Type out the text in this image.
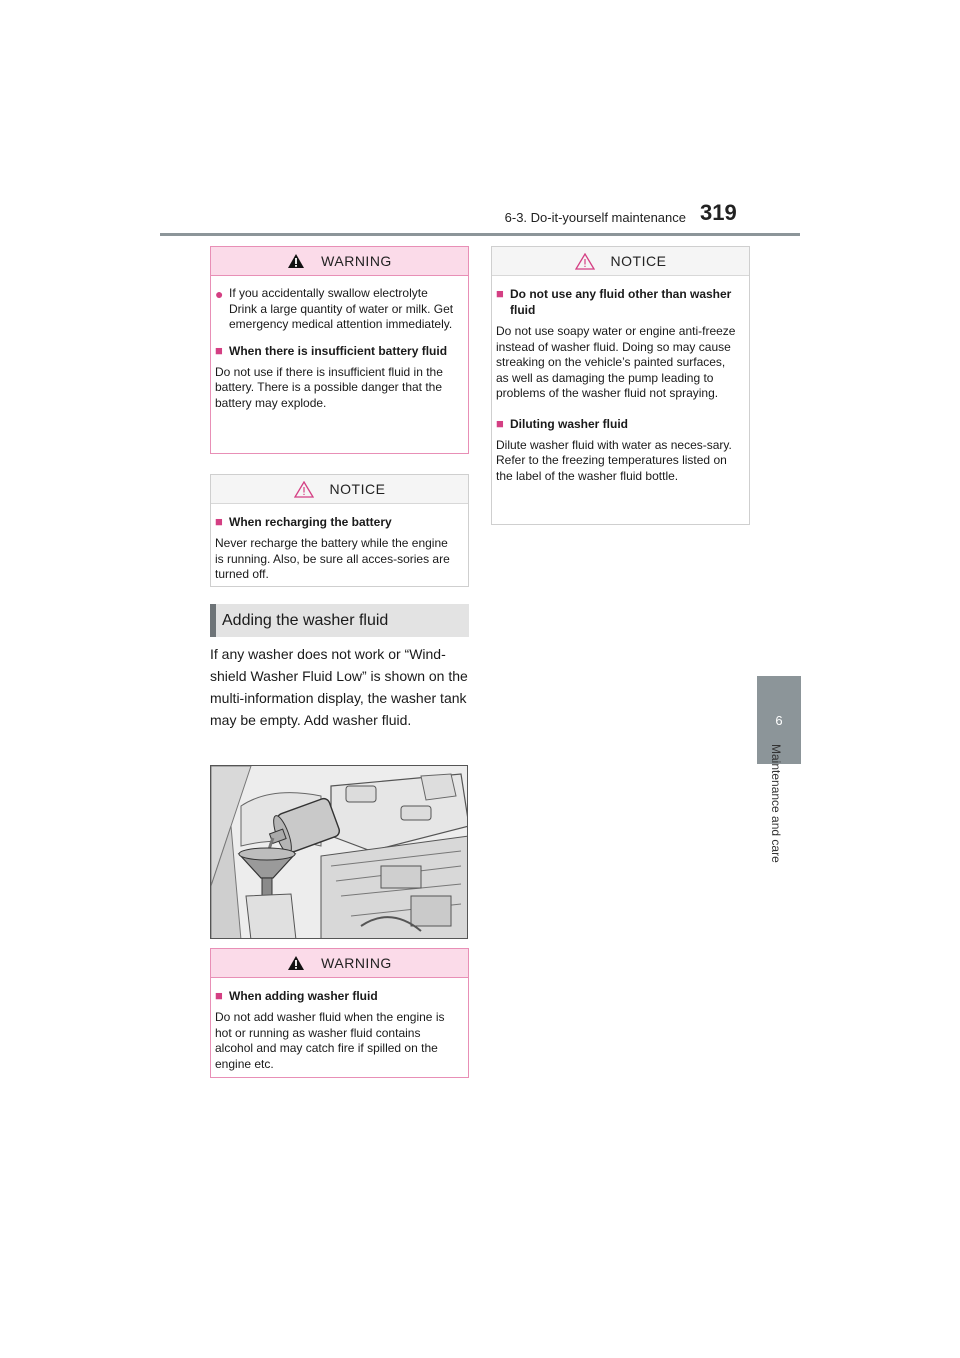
6-3. Do-it-yourself maintenance 319
6
Maintenance and care
WARNING
● If you accidentally swallow electrolyte Drink a large quantity of water or milk. Get emergency medical attention immediately.
■ When there is insufficient battery fluid

Do not use if there is insufficient fluid in the battery. There is a possible danger that the battery may explode.

NOTICE
■ When recharging the battery

Never recharge the battery while the engine is running. Also, be sure all acces-sories are turned off.

Adding the washer fluid
If any washer does not work or “Wind-shield Washer Fluid Low” is shown on the multi-information display, the washer tank may be empty. Add washer fluid.
WARNING
■ When adding washer fluid

Do not add washer fluid when the engine is hot or running as washer fluid contains alcohol and may catch fire if spilled on the engine etc.

NOTICE
■ Do not use any fluid other than washer fluid

Do not use soapy water or engine anti-freeze instead of washer fluid. Doing so may cause streaking on the vehicle’s painted surfaces, as well as damaging the pump leading to problems of the washer fluid not spraying.

■ Diluting washer fluid

Dilute washer fluid with water as neces-sary. Refer to the freezing temperatures listed on the label of the washer fluid bottle.
